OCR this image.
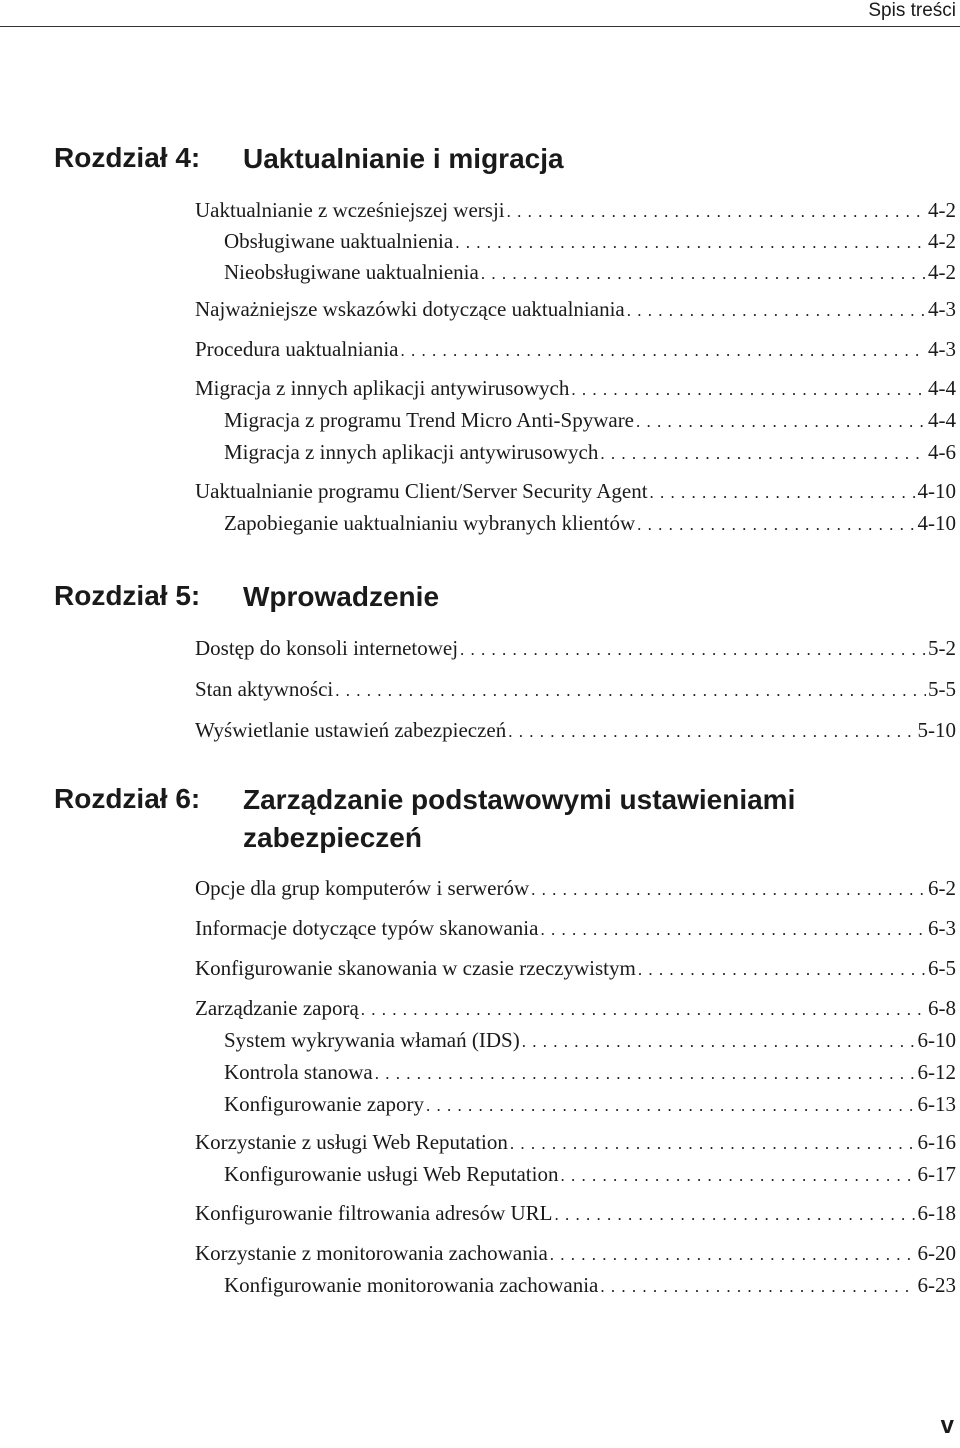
Spis treści
Rozdział 4: Uaktualnianie i migracja
Uaktualnianie z wcześniejszej wersji . . .	4-2
Obsługiwane uaktualnienia . . .	4-2
Nieobsługiwane uaktualnienia . . .	4-2
Najważniejsze wskazówki dotyczące uaktualniania . . .	4-3
Procedura uaktualniania . . .	4-3
Migracja z innych aplikacji antywirusowych . . .	4-4
Migracja z programu Trend Micro Anti-Spyware . . .	4-4
Migracja z innych aplikacji antywirusowych . . .	4-6
Uaktualnianie programu Client/Server Security Agent . . .	4-10
Zapobieganie uaktualnianiu wybranych klientów . . .	4-10
Rozdział 5: Wprowadzenie
Dostęp do konsoli internetowej . . .	5-2
Stan aktywności . . .	5-5
Wyświetlanie ustawień zabezpieczeń . . .	5-10
Rozdział 6: Zarządzanie podstawowymi ustawieniami zabezpieczeń
Opcje dla grup komputerów i serwerów . . .	6-2
Informacje dotyczące typów skanowania . . .	6-3
Konfigurowanie skanowania w czasie rzeczywistym . . .	6-5
Zarządzanie zaporą . . .	6-8
System wykrywania włamań (IDS) . . .	6-10
Kontrola stanowa . . .	6-12
Konfigurowanie zapory . . .	6-13
Korzystanie z usługi Web Reputation . . .	6-16
Konfigurowanie usługi Web Reputation . . .	6-17
Konfigurowanie filtrowania adresów URL . . .	6-18
Korzystanie z monitorowania zachowania . . .	6-20
Konfigurowanie monitorowania zachowania . . .	6-23
v
